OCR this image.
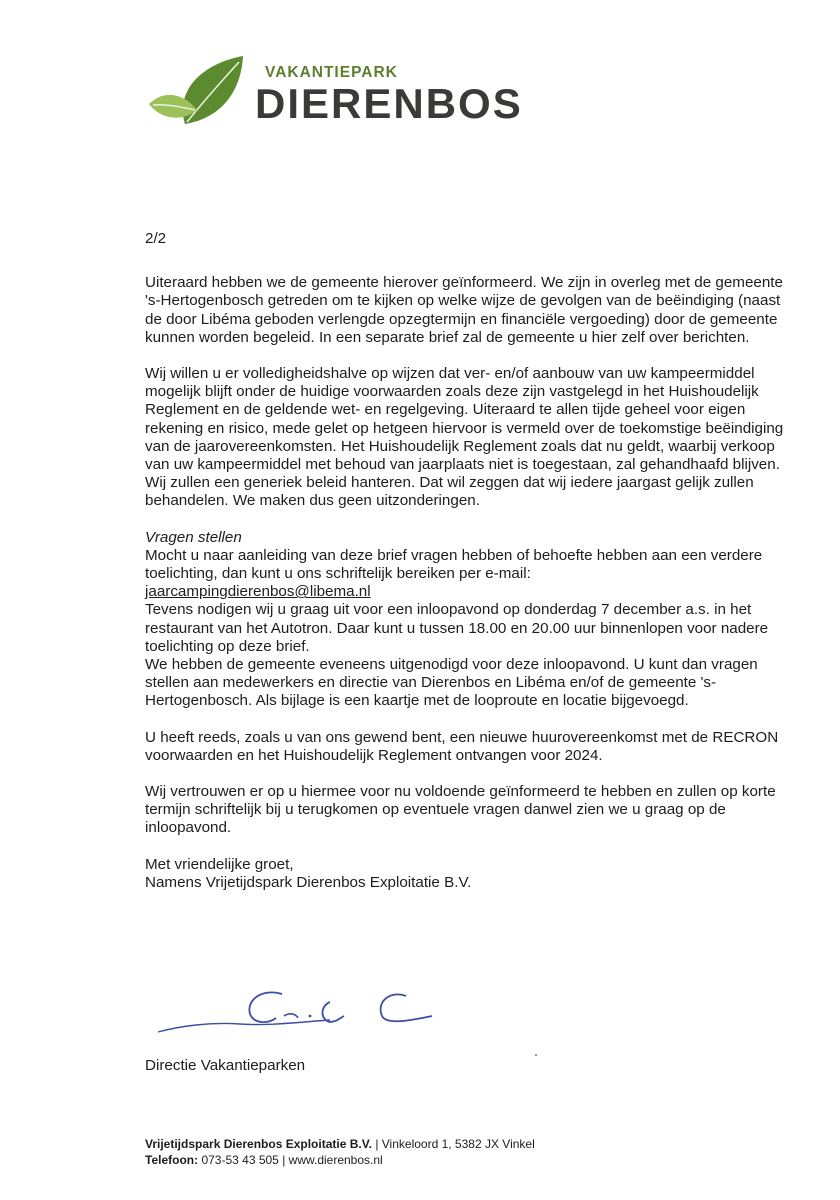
VAKANTIEPARK
DIERENBOS

2/2

Uiteraard hebben we de gemeente hierover geïnformeerd. We zijn in overleg met de gemeente 's-Hertogenbosch getreden om te kijken op welke wijze de gevolgen van de beëindiging (naast de door Libéma geboden verlengde opzegtermijn en financiële vergoeding) door de gemeente kunnen worden begeleid. In een separate brief zal de gemeente u hier zelf over berichten.

Wij willen u er volledigheidshalve op wijzen dat ver- en/of aanbouw van uw kampeermiddel mogelijk blijft onder de huidige voorwaarden zoals deze zijn vastgelegd in het Huishoudelijk Reglement en de geldende wet- en regelgeving. Uiteraard te allen tijde geheel voor eigen rekening en risico, mede gelet op hetgeen hiervoor is vermeld over de toekomstige beëindiging van de jaarovereenkomsten. Het Huishoudelijk Reglement zoals dat nu geldt, waarbij verkoop van uw kampeermiddel met behoud van jaarplaats niet is toegestaan, zal gehandhaafd blijven. Wij zullen een generiek beleid hanteren. Dat wil zeggen dat wij iedere jaargast gelijk zullen behandelen. We maken dus geen uitzonderingen.

Vragen stellen

Mocht u naar aanleiding van deze brief vragen hebben of behoefte hebben aan een verdere toelichting, dan kunt u ons schriftelijk bereiken per e-mail:
jaarcampingdierenbos@libema.nl

Tevens nodigen wij u graag uit voor een inloopavond op donderdag 7 december a.s. in het restaurant van het Autotron. Daar kunt u tussen 18.00 en 20.00 uur binnenlopen voor nadere toelichting op deze brief.

We hebben de gemeente eveneens uitgenodigd voor deze inloopavond. U kunt dan vragen stellen aan medewerkers en directie van Dierenbos en Libéma en/of de gemeente 's-Hertogenbosch. Als bijlage is een kaartje met de looproute en locatie bijgevoegd.

U heeft reeds, zoals u van ons gewend bent, een nieuwe huurovereenkomst met de RECRON voorwaarden en het Huishoudelijk Reglement ontvangen voor 2024.

Wij vertrouwen er op u hiermee voor nu voldoende geïnformeerd te hebben en zullen op korte termijn schriftelijk bij u terugkomen op eventuele vragen danwel zien we u graag op de inloopavond.

Met vriendelijke groet,

Namens Vrijetijdspark Dierenbos Exploitatie B.V.

Directie Vakantieparken
Vrijetijdspark Dierenbos Exploitatie B.V. | Vinkeloord 1, 5382 JX Vinkel
Telefoon: 073-53 43 505 | www.dierenbos.nl
